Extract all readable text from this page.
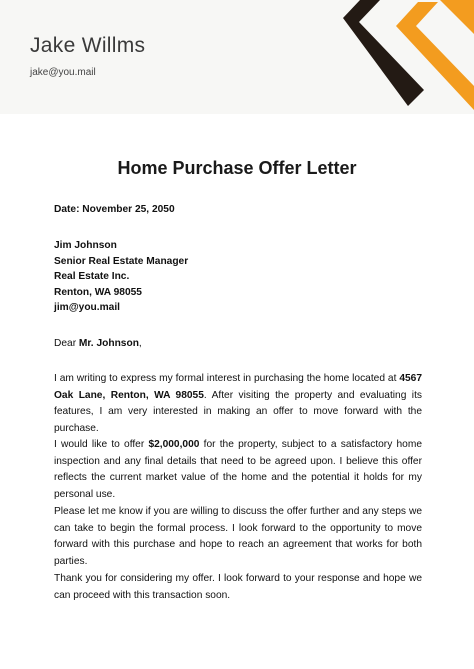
Jake Willms
jake@you.mail
Home Purchase Offer Letter
Date: November 25, 2050
Jim Johnson
Senior Real Estate Manager
Real Estate Inc.
Renton, WA 98055
jim@you.mail
Dear Mr. Johnson,
I am writing to express my formal interest in purchasing the home located at 4567 Oak Lane, Renton, WA 98055. After visiting the property and evaluating its features, I am very interested in making an offer to move forward with the purchase.
I would like to offer $2,000,000 for the property, subject to a satisfactory home inspection and any final details that need to be agreed upon. I believe this offer reflects the current market value of the home and the potential it holds for my personal use.
Please let me know if you are willing to discuss the offer further and any steps we can take to begin the formal process. I look forward to the opportunity to move forward with this purchase and hope to reach an agreement that works for both parties.
Thank you for considering my offer. I look forward to your response and hope we can proceed with this transaction soon.
